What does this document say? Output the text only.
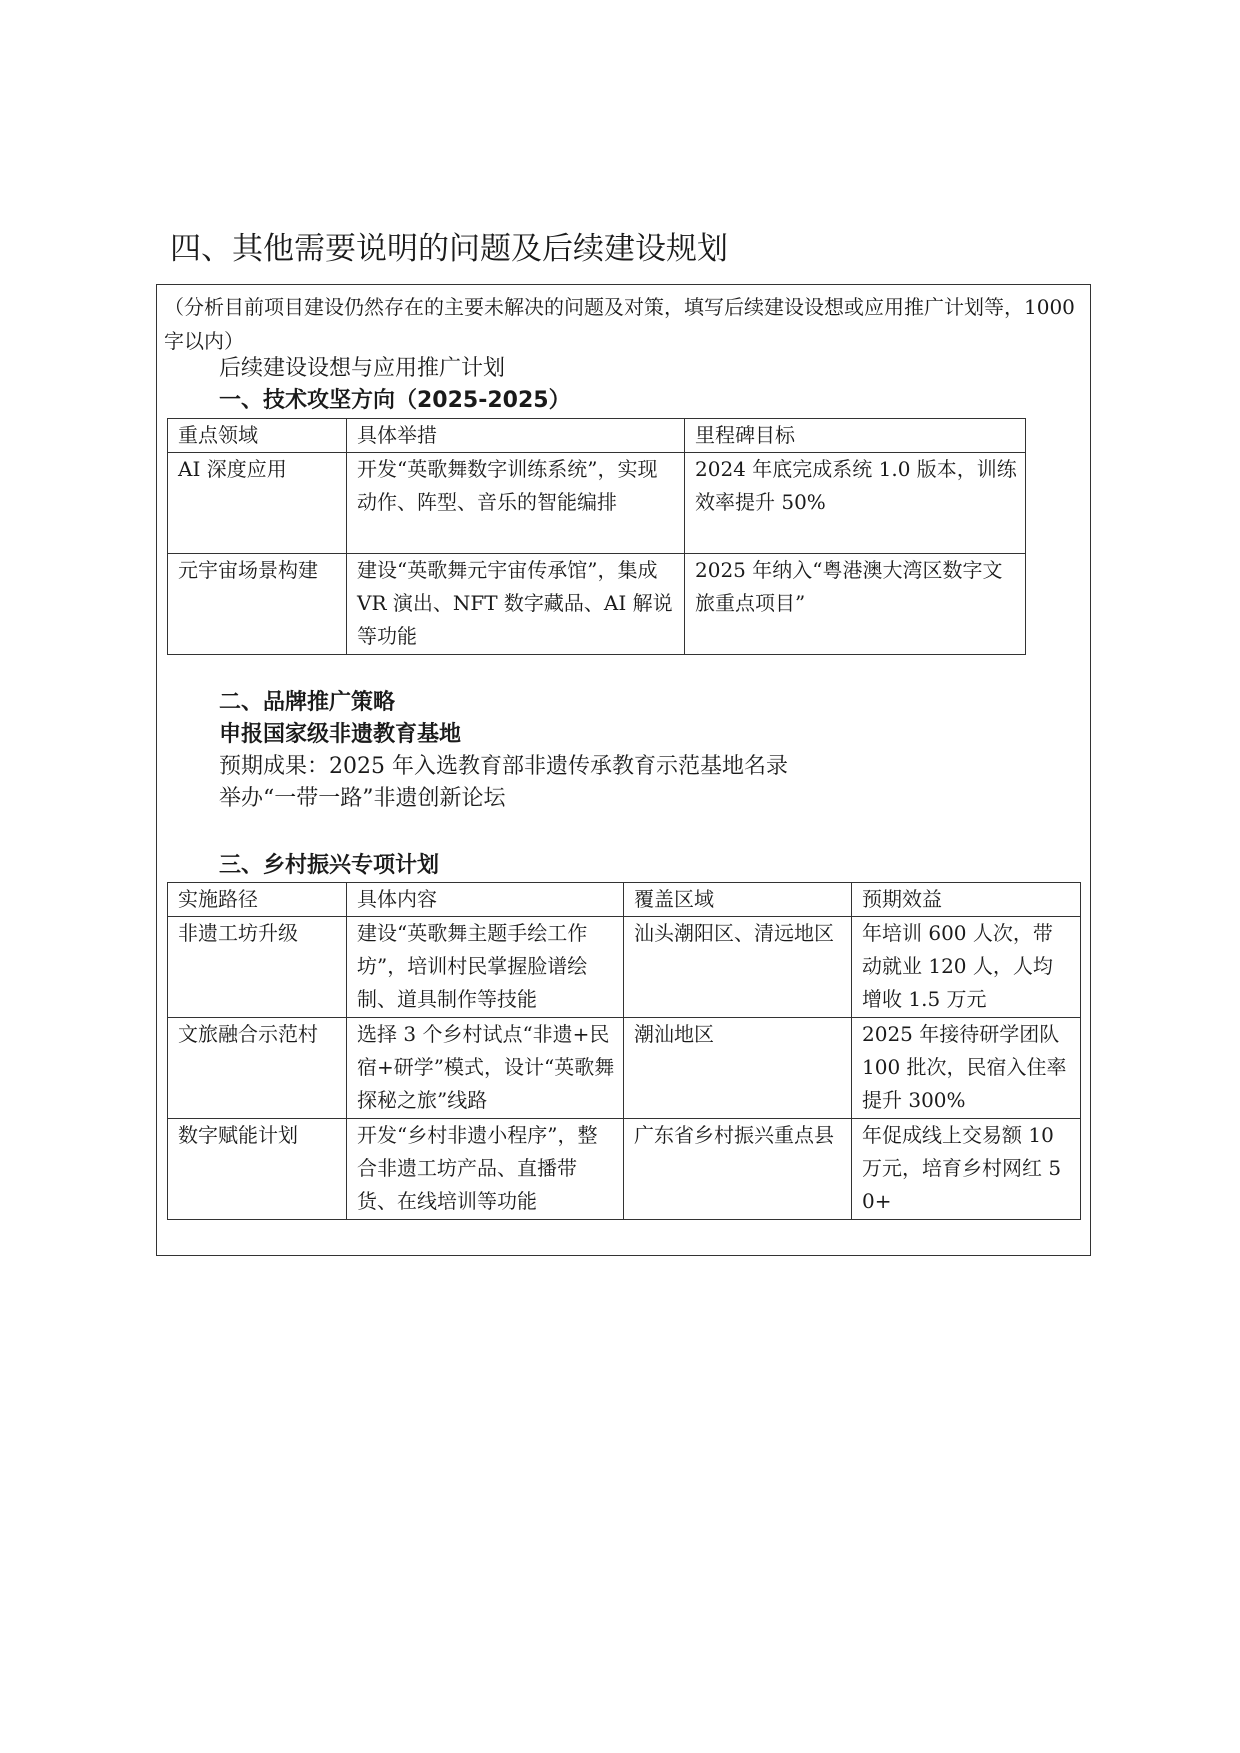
四、其他需要说明的问题及后续建设规划
（分析目前项目建设仍然存在的主要未解决的问题及对策，填写后续建设设想或应用推广计划等，1000 字以内）
后续建设设想与应用推广计划
一、技术攻坚方向（2025-2025）
重点领域	具体举措	里程碑目标
AI 深度应用	开发“英歌舞数字训练系统”，实现动作、阵型、音乐的智能编排	2024 年底完成系统 1.0 版本，训练效率提升 50%
元宇宙场景构建	建设“英歌舞元宇宙传承馆”，集成 VR 演出、NFT 数字藏品、AI 解说等功能	2025 年纳入“粤港澳大湾区数字文旅重点项目”
二、品牌推广策略
申报国家级非遗教育基地
预期成果：2025 年入选教育部非遗传承教育示范基地名录
举办“一带一路”非遗创新论坛
三、乡村振兴专项计划
实施路径	具体内容	覆盖区域	预期效益
非遗工坊升级	建设“英歌舞主题手绘工作坊”，培训村民掌握脸谱绘制、道具制作等技能	汕头潮阳区、清远地区	年培训 600 人次，带动就业 120 人，人均增收 1.5 万元
文旅融合示范村	选择 3 个乡村试点“非遗+民宿+研学”模式，设计“英歌舞探秘之旅”线路	潮汕地区	2025 年接待研学团队 100 批次，民宿入住率提升 300%
数字赋能计划	开发“乡村非遗小程序”，整合非遗工坊产品、直播带货、在线培训等功能	广东省乡村振兴重点县	年促成线上交易额 10 万元，培育乡村网红 50+
